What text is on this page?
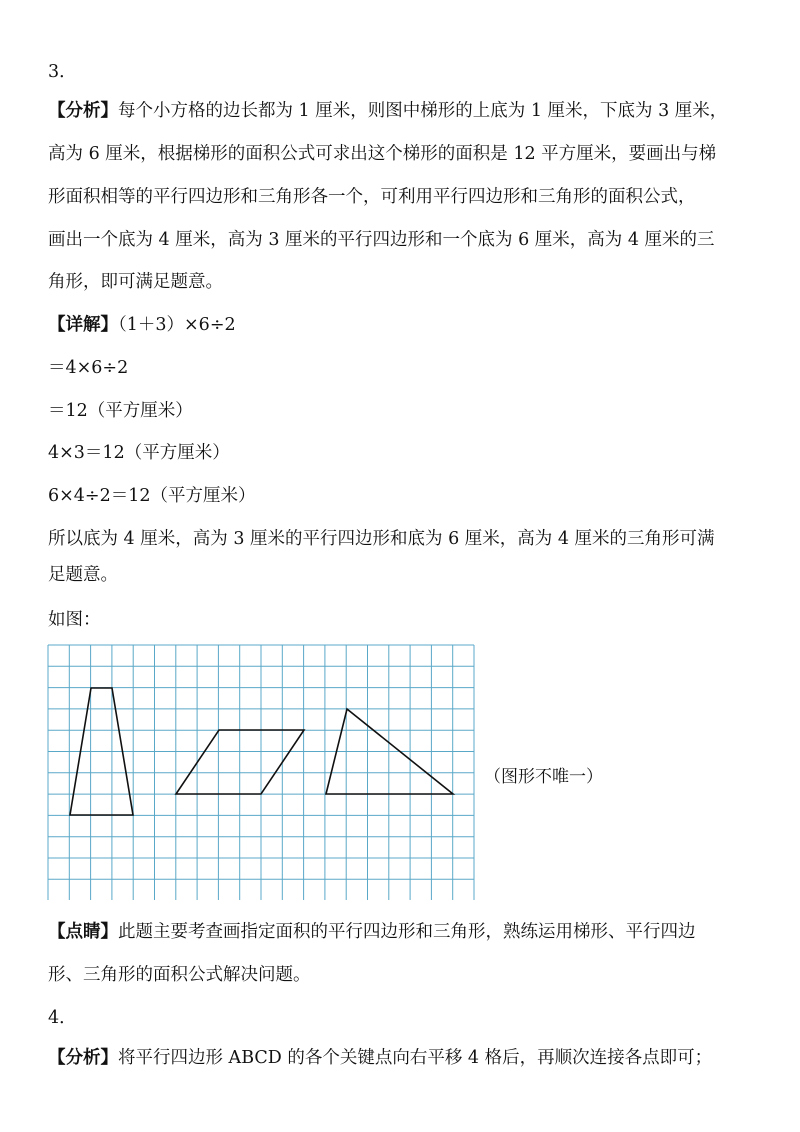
3．
【分析】每个小方格的边长都为 1 厘米，则图中梯形的上底为 1 厘米，下底为 3 厘米，
高为 6 厘米，根据梯形的面积公式可求出这个梯形的面积是 12 平方厘米，要画出与梯
形面积相等的平行四边形和三角形各一个，可利用平行四边形和三角形的面积公式，
画出一个底为 4 厘米，高为 3 厘米的平行四边形和一个底为 6 厘米，高为 4 厘米的三
角形，即可满足题意。
【详解】（1＋3）×6÷2
＝4×6÷2
＝12（平方厘米）
4×3＝12（平方厘米）
6×4÷2＝12（平方厘米）
所以底为 4 厘米，高为 3 厘米的平行四边形和底为 6 厘米，高为 4 厘米的三角形可满
足题意。
如图：
（图形不唯一）
【点睛】此题主要考查画指定面积的平行四边形和三角形，熟练运用梯形、平行四边
形、三角形的面积公式解决问题。
4．
【分析】将平行四边形 ABCD 的各个关键点向右平移 4 格后，再顺次连接各点即可；
